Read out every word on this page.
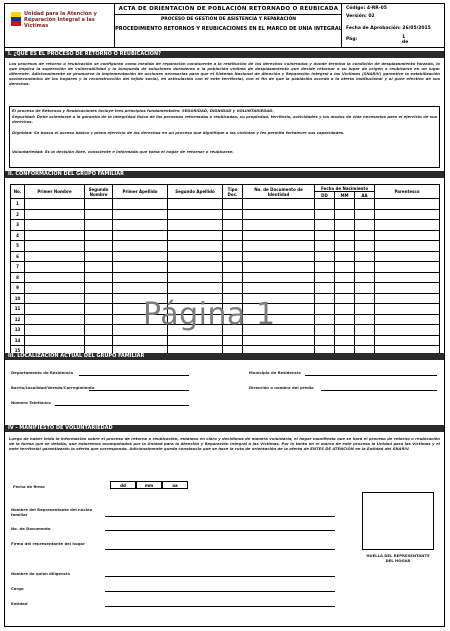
Unidad para la Atención y Reparación Integral a las Víctimas
ACTA DE ORIENTACIÓN DE POBLACIÓN RETORNADO O REUBICADA
PROCESO DE GESTIÓN DE ASISTENCIA Y REPARACIÓN
PROCEDIMIENTO RETORNOS Y REUBICACIONES EN EL MARCO DE UNIA INTEGRAL
Código: 4-RR-05
Versión: 02
Fecha de Aprobación: 26/05/2015
Pág:	1 de
I. ¿QUÉ ES EL PROCESO DE RETORNO O REUBICACIÓN?
Los procesos de retorno o reubicación se configuran como medida de reparación conducente a la restitución de los derechos vulnerados y donde termina la condición de desplazamiento forzado, lo que implica la superación de vulnerabilidad y la búsqueda de soluciones duraderas a la población víctima de desplazamiento que decide retornar a su lugar de origen o reubicarse en un lugar diferente. Adicionalmente se promueve la implementación de acciones necesarias para que el Sistema Nacional de Atención y Reparación Integral a las Víctimas (SNARIV) garantice la estabilización socioeconómica de los hogares y la reconstrucción del tejido social, en articulación con el ente territorial, con el fin de que la población acceda a la oferta institucional y al goce efectivo de sus derechos.
El proceso de Retornos y Reubicaciones incluye tres principios fundamentales: SEGURIDAD, DIGNIDAD y VOLUNTARIEDAD.
Seguridad: Debe orientarse a la garantía de la integridad física de las personas retornadas o reubicadas, su propiedad, territorio, actividades y los modos de vida necesarios para el ejercicio de sus derechos.
Dignidad: Se busca el acceso básico y pleno ejercicio de los derechos en un proceso que dignifique a las víctimas y les permita fortalecer sus capacidades.
Voluntariedad: Es la decisión libre, consciente e informada que toma el hogar de retornar o reubicarse.
II. CONFORMACIÓN DEL GRUPO FAMILIAR
No.	Primer Nombre	Segundo Nombre	Primer Apellido	Segundo Apellido	Tipo Doc.	No. de Documento de Identidad	Fecha de Nacimiento			Parentesco
							DD	MM	AA	
1										
2										
3										
4										
5										
6										
7										
8										
9										
10										
11										
12										
13										
14										
15										
Página 1
III. LOCALIZACIÓN ACTUAL DEL GRUPO FAMILIAR
Departamento de Residencia	Municipio de Residencia
Barrio/Localidad/Vereda/Corregimiento	Dirección o nombre del predio
Número Telefónico
IV - MANIFIESTO DE VOLUNTARIEDAD
Luego de haber leído la información sobre el proceso de retorno o reubicación, estamos en claro y decidimos de manera voluntaria, el hogar manifiesta que se hará el proceso de retorno o reubicación de la forma que se detalla, que estaremos acompañados por la Unidad para la Atención y Reparación Integral a las Víctimas. Por lo tanto en el marco de este proceso la Unidad para las Víctimas y el ente territorial garantizarán la oferta que corresponda. Adicionalmente queda constancia que se hace la ruta de orientación de la oferta de ENTES DE ATENCIÓN en la Entidad del SNARIV.
Fecha de firma	dd	mm	aa
Nombre del Representante del núcleo familiar
No. de Documento
Firma del representante del hogar
Nombre de quien diligencia
Cargo
Entidad
HUELLA DEL REPRESENTANTE DEL HOGAR
